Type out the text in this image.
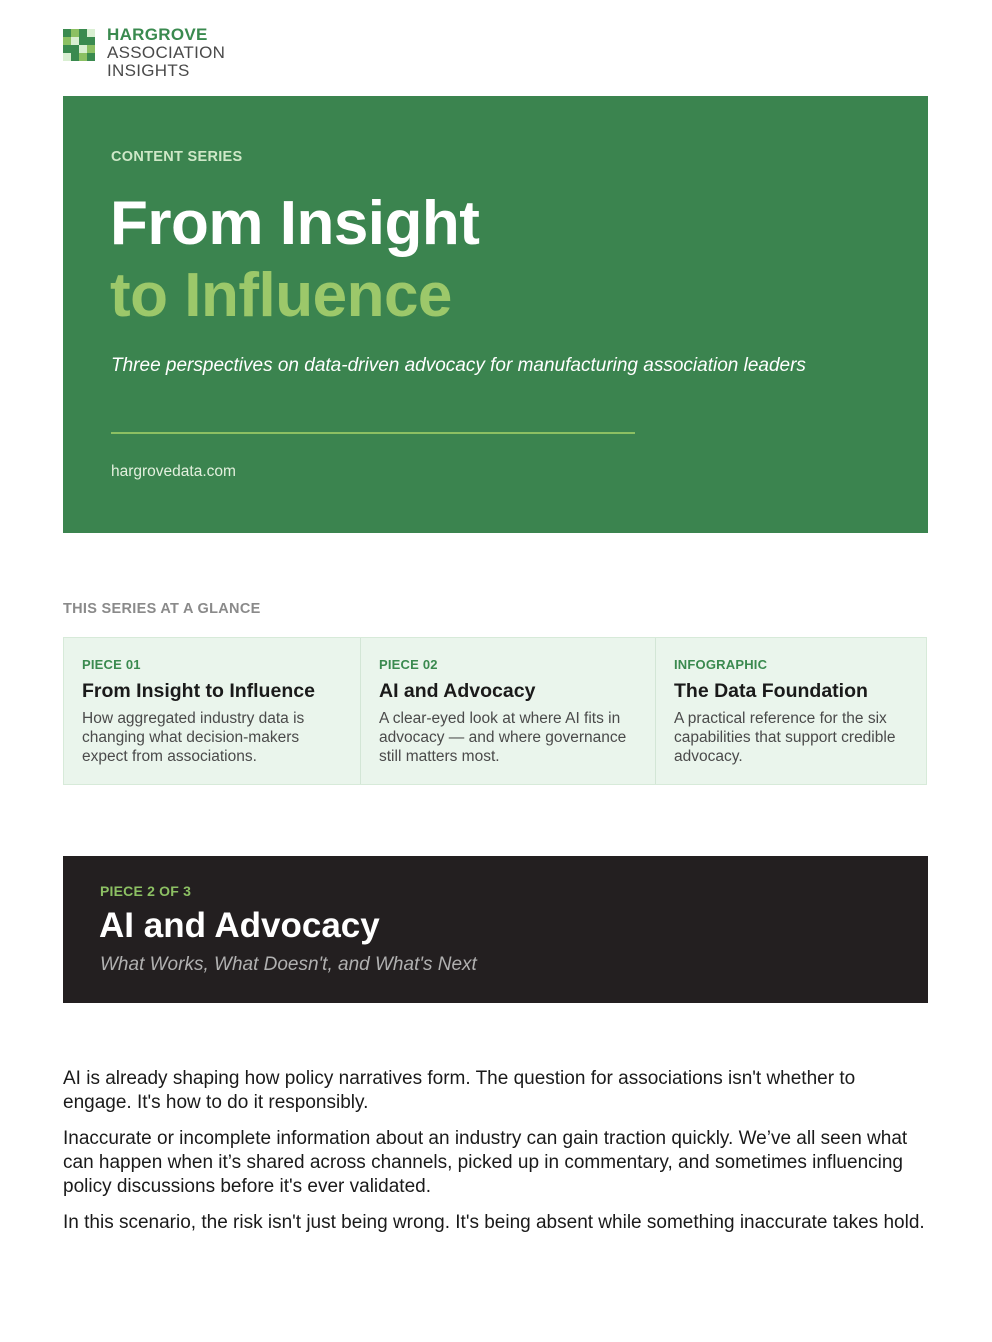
HARGROVE
ASSOCIATION
INSIGHTS
CONTENT SERIES
From Insight
to Influence
Three perspectives on data-driven advocacy for manufacturing association leaders
hargrovedata.com
THIS SERIES AT A GLANCE
PIECE 01
From Insight to Influence
How aggregated industry data is changing what decision-makers expect from associations.
PIECE 02
AI and Advocacy
A clear-eyed look at where AI fits in advocacy — and where governance still matters most.
INFOGRAPHIC
The Data Foundation
A practical reference for the six capabilities that support credible advocacy.
PIECE 2 OF 3
AI and Advocacy
What Works, What Doesn't, and What's Next

AI is already shaping how policy narratives form. The question for associations isn't whether to engage. It's how to do it responsibly.

Inaccurate or incomplete information about an industry can gain traction quickly. We’ve all seen what can happen when it’s shared across channels, picked up in commentary, and sometimes influencing policy discussions before it's ever validated.

In this scenario, the risk isn't just being wrong. It's being absent while something inaccurate takes hold.
